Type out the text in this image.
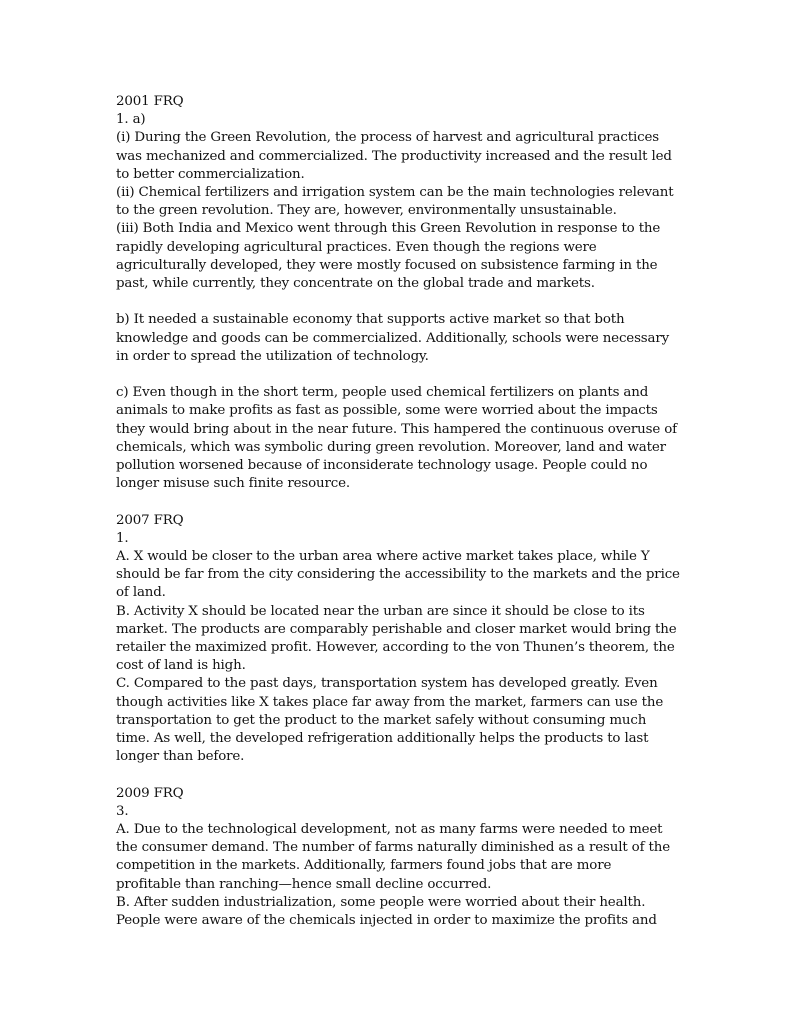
2001 FRQ
1. a)
(i) During the Green Revolution, the process of harvest and agricultural practices
was mechanized and commercialized. The productivity increased and the result led
to better commercialization.
(ii) Chemical fertilizers and irrigation system can be the main technologies relevant
to the green revolution. They are, however, environmentally unsustainable.
(iii) Both India and Mexico went through this Green Revolution in response to the
rapidly developing agricultural practices. Even though the regions were
agriculturally developed, they were mostly focused on subsistence farming in the
past, while currently, they concentrate on the global trade and markets.
b) It needed a sustainable economy that supports active market so that both
knowledge and goods can be commercialized. Additionally, schools were necessary
in order to spread the utilization of technology.
c) Even though in the short term, people used chemical fertilizers on plants and
animals to make profits as fast as possible, some were worried about the impacts
they would bring about in the near future. This hampered the continuous overuse of
chemicals, which was symbolic during green revolution. Moreover, land and water
pollution worsened because of inconsiderate technology usage. People could no
longer misuse such finite resource.
2007 FRQ
1.
A. X would be closer to the urban area where active market takes place, while Y
should be far from the city considering the accessibility to the markets and the price
of land.
B. Activity X should be located near the urban are since it should be close to its
market. The products are comparably perishable and closer market would bring the
retailer the maximized profit. However, according to the von Thunen’s theorem, the
cost of land is high.
C. Compared to the past days, transportation system has developed greatly. Even
though activities like X takes place far away from the market, farmers can use the
transportation to get the product to the market safely without consuming much
time. As well, the developed refrigeration additionally helps the products to last
longer than before.
2009 FRQ
3.
A. Due to the technological development, not as many farms were needed to meet
the consumer demand. The number of farms naturally diminished as a result of the
competition in the markets. Additionally, farmers found jobs that are more
profitable than ranching—hence small decline occurred.
B. After sudden industrialization, some people were worried about their health.
People were aware of the chemicals injected in order to maximize the profits and
